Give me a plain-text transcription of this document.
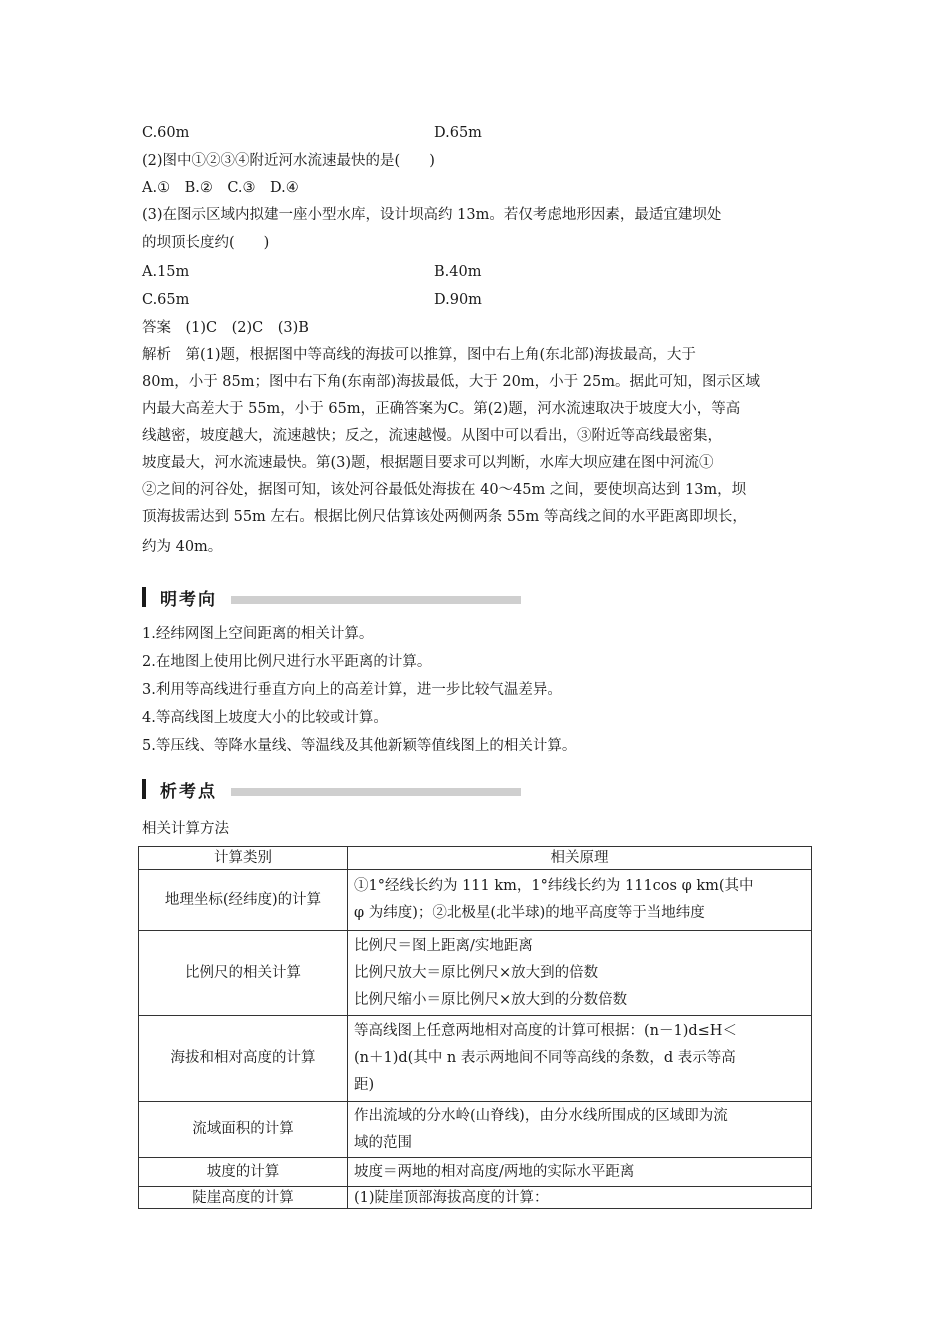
C.60m	D.65m
(2)图中①②③④附近河水流速最快的是(　　)
A.①　B.②　C.③　D.④
(3)在图示区域内拟建一座小型水库，设计坝高约 13m。若仅考虑地形因素，最适宜建坝处
的坝顶长度约(　　)
A.15m	B.40m
C.65m	D.90m
答案　(1)C　(2)C　(3)B
解析　第(1)题，根据图中等高线的海拔可以推算，图中右上角(东北部)海拔最高，大于
80m，小于 85m；图中右下角(东南部)海拔最低，大于 20m，小于 25m。据此可知，图示区域
内最大高差大于 55m，小于 65m，正确答案为C。第(2)题，河水流速取决于坡度大小，等高
线越密，坡度越大，流速越快；反之，流速越慢。从图中可以看出，③附近等高线最密集，
坡度最大，河水流速最快。第(3)题，根据题目要求可以判断，水库大坝应建在图中河流①
②之间的河谷处，据图可知，该处河谷最低处海拔在 40～45m 之间，要使坝高达到 13m，坝
顶海拔需达到 55m 左右。根据比例尺估算该处两侧两条 55m 等高线之间的水平距离即坝长，
约为 40m。
明考向
1.经纬网图上空间距离的相关计算。
2.在地图上使用比例尺进行水平距离的计算。
3.利用等高线进行垂直方向上的高差计算，进一步比较气温差异。
4.等高线图上坡度大小的比较或计算。
5.等压线、等降水量线、等温线及其他新颖等值线图上的相关计算。
析考点
相关计算方法
计算类别	相关原理
地理坐标(经纬度)的计算	①1°经线长约为 111 km，1°纬线长约为 111cos φ km(其中
φ 为纬度)；②北极星(北半球)的地平高度等于当地纬度

比例尺的相关计算	比例尺＝图上距离/实地距离
比例尺放大＝原比例尺×放大到的倍数
比例尺缩小＝原比例尺×放大到的分数倍数

海拔和相对高度的计算	等高线图上任意两地相对高度的计算可根据：(n－1)d≤H＜
(n＋1)d(其中 n 表示两地间不同等高线的条数，d 表示等高
距)

流域面积的计算	作出流域的分水岭(山脊线)，由分水线所围成的区域即为流
域的范围

坡度的计算	坡度＝两地的相对高度/两地的实际水平距离

陡崖高度的计算	(1)陡崖顶部海拔高度的计算：
